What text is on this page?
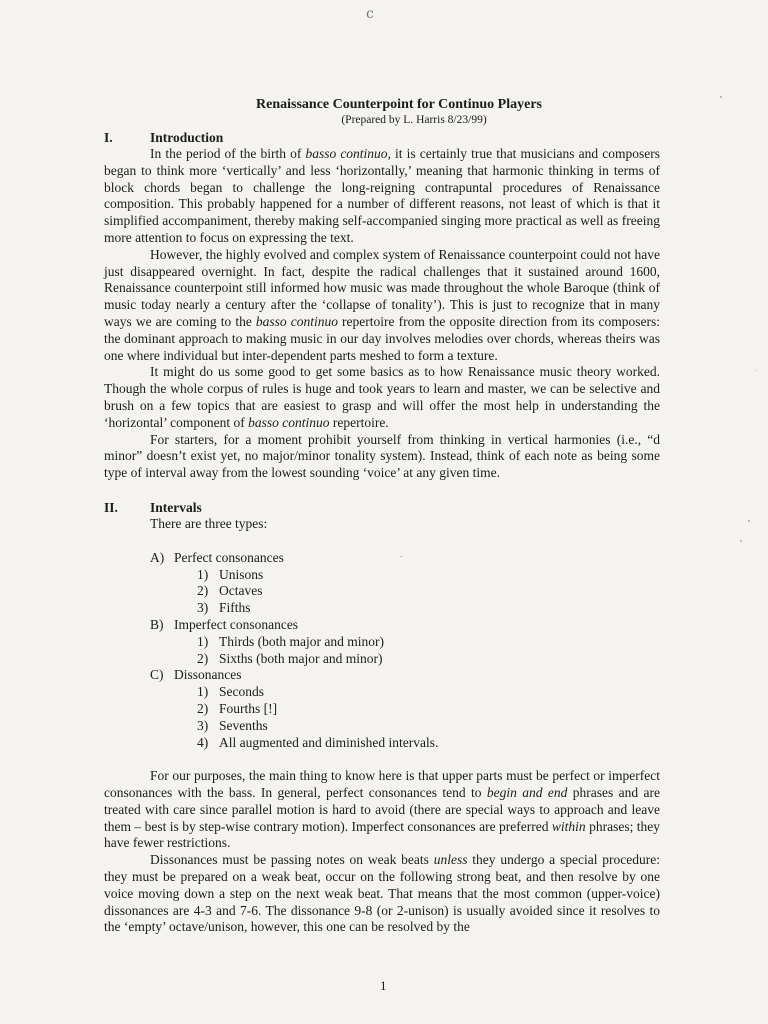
ⅽ
Renaissance Counterpoint for Continuo Players
(Prepared by L. Harris 8/23/99)
I.	Introduction

In the period of the birth of basso continuo, it is certainly true that musicians and composers began to think more ‘vertically’ and less ‘horizontally,’ meaning that harmonic thinking in terms of block chords began to challenge the long-reigning contrapuntal procedures of Renaissance composition. This probably happened for a number of different reasons, not least of which is that it simplified accompaniment, thereby making self-accompanied singing more practical as well as freeing more attention to focus on expressing the text.

However, the highly evolved and complex system of Renaissance counterpoint could not have just disappeared overnight. In fact, despite the radical challenges that it sustained around 1600, Renaissance counterpoint still informed how music was made throughout the whole Baroque (think of music today nearly a century after the ‘collapse of tonality’). This is just to recognize that in many ways we are coming to the basso continuo repertoire from the opposite direction from its composers: the dominant approach to making music in our day involves melodies over chords, whereas theirs was one where individual but inter-dependent parts meshed to form a texture.

It might do us some good to get some basics as to how Renaissance music theory worked. Though the whole corpus of rules is huge and took years to learn and master, we can be selective and brush on a few topics that are easiest to grasp and will offer the most help in understanding the ‘horizontal’ component of basso continuo repertoire.

For starters, for a moment prohibit yourself from thinking in vertical harmonies (i.e., “d minor” doesn’t exist yet, no major/minor tonality system). Instead, think of each note as being some type of interval away from the lowest sounding ‘voice’ at any given time.

II.	Intervals
There are three types:
A) Perfect consonances
1) Unisons
2) Octaves
3) Fifths
B) Imperfect consonances
1) Thirds (both major and minor)
2) Sixths (both major and minor)
C) Dissonances
1) Seconds
2) Fourths [!]
3) Sevenths
4) All augmented and diminished intervals.

For our purposes, the main thing to know here is that upper parts must be perfect or imperfect consonances with the bass. In general, perfect consonances tend to begin and end phrases and are treated with care since parallel motion is hard to avoid (there are special ways to approach and leave them – best is by step-wise contrary motion). Imperfect consonances are preferred within phrases; they have fewer restrictions.

Dissonances must be passing notes on weak beats unless they undergo a special procedure: they must be prepared on a weak beat, occur on the following strong beat, and then resolve by one voice moving down a step on the next weak beat. That means that the most common (upper-voice) dissonances are 4-3 and 7-6. The dissonance 9-8 (or 2-unison) is usually avoided since it resolves to the ‘empty’ octave/unison, however, this one can be resolved by the

1
